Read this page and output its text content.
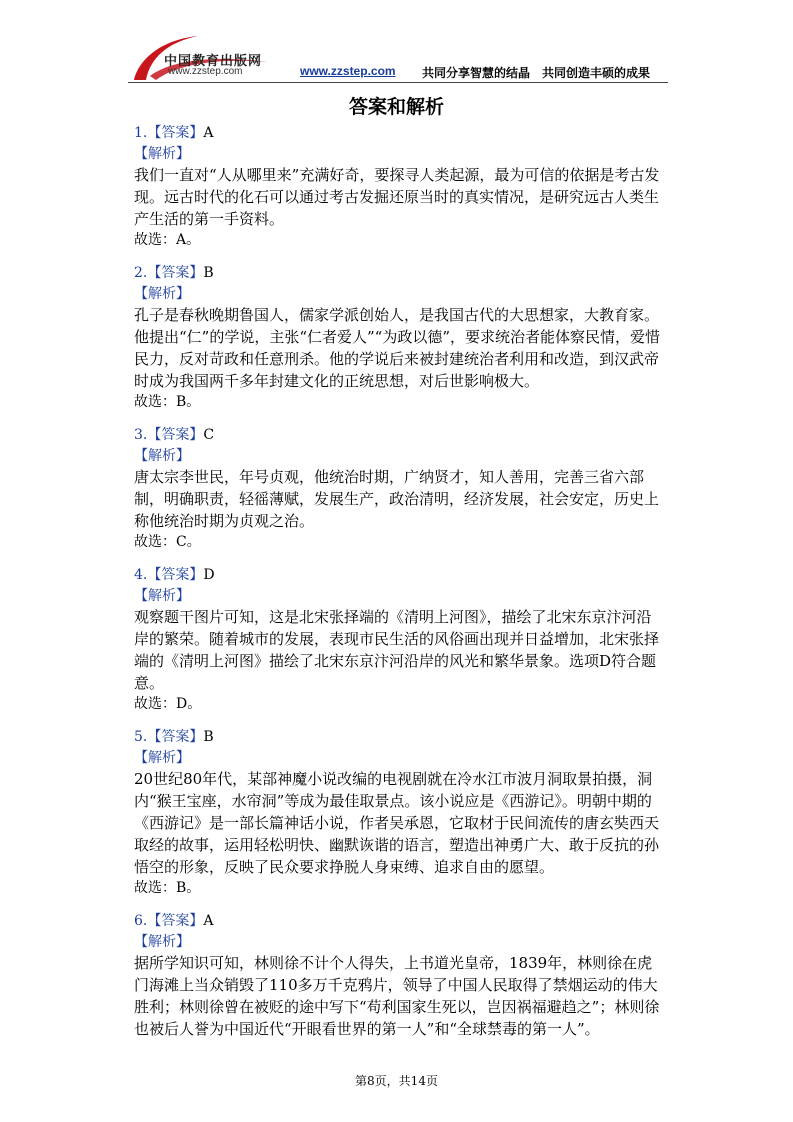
中国教育出版网
www.zzstep.com	www.zzstep.com 共同分享智慧的结晶　共同创造丰硕的成果
答案和解析
1.【答案】A
【解析】
我们一直对“人从哪里来”充满好奇，要探寻人类起源，最为可信的依据是考古发现。远古时代的化石可以通过考古发掘还原当时的真实情况，是研究远古人类生产生活的第一手资料。
故选：A。
2.【答案】B
【解析】
孔子是春秋晚期鲁国人，儒家学派创始人，是我国古代的大思想家，大教育家。他提出“仁”的学说，主张“仁者爱人”“为政以德”，要求统治者能体察民情，爱惜民力，反对苛政和任意刑杀。他的学说后来被封建统治者利用和改造，到汉武帝时成为我国两千多年封建文化的正统思想，对后世影响极大。
故选：B。
3.【答案】C
【解析】
唐太宗李世民，年号贞观，他统治时期，广纳贤才，知人善用，完善三省六部制，明确职责，轻徭薄赋，发展生产，政治清明，经济发展，社会安定，历史上称他统治时期为贞观之治。
故选：C。
4.【答案】D
【解析】
观察题干图片可知，这是北宋张择端的《清明上河图》，描绘了北宋东京汴河沿岸的繁荣。随着城市的发展，表现市民生活的风俗画出现并日益增加，北宋张择端的《清明上河图》描绘了北宋东京汴河沿岸的风光和繁华景象。选项D符合题意。
故选：D。
5.【答案】B
【解析】
20世纪80年代，某部神魔小说改编的电视剧就在冷水江市波月洞取景拍摄，洞内“猴王宝座，水帘洞”等成为最佳取景点。该小说应是《西游记》。明朝中期的《西游记》是一部长篇神话小说，作者吴承恩，它取材于民间流传的唐玄奘西天取经的故事，运用轻松明快、幽默诙谐的语言，塑造出神勇广大、敢于反抗的孙悟空的形象，反映了民众要求挣脱人身束缚、追求自由的愿望。
故选：B。
6.【答案】A
【解析】
据所学知识可知，林则徐不计个人得失，上书道光皇帝，1839年，林则徐在虎门海滩上当众销毁了110多万千克鸦片，领导了中国人民取得了禁烟运动的伟大胜利；林则徐曾在被贬的途中写下“苟利国家生死以，岂因祸福避趋之”；林则徐也被后人誉为中国近代“开眼看世界的第一人”和“全球禁毒的第一人”。
第8页，共14页
